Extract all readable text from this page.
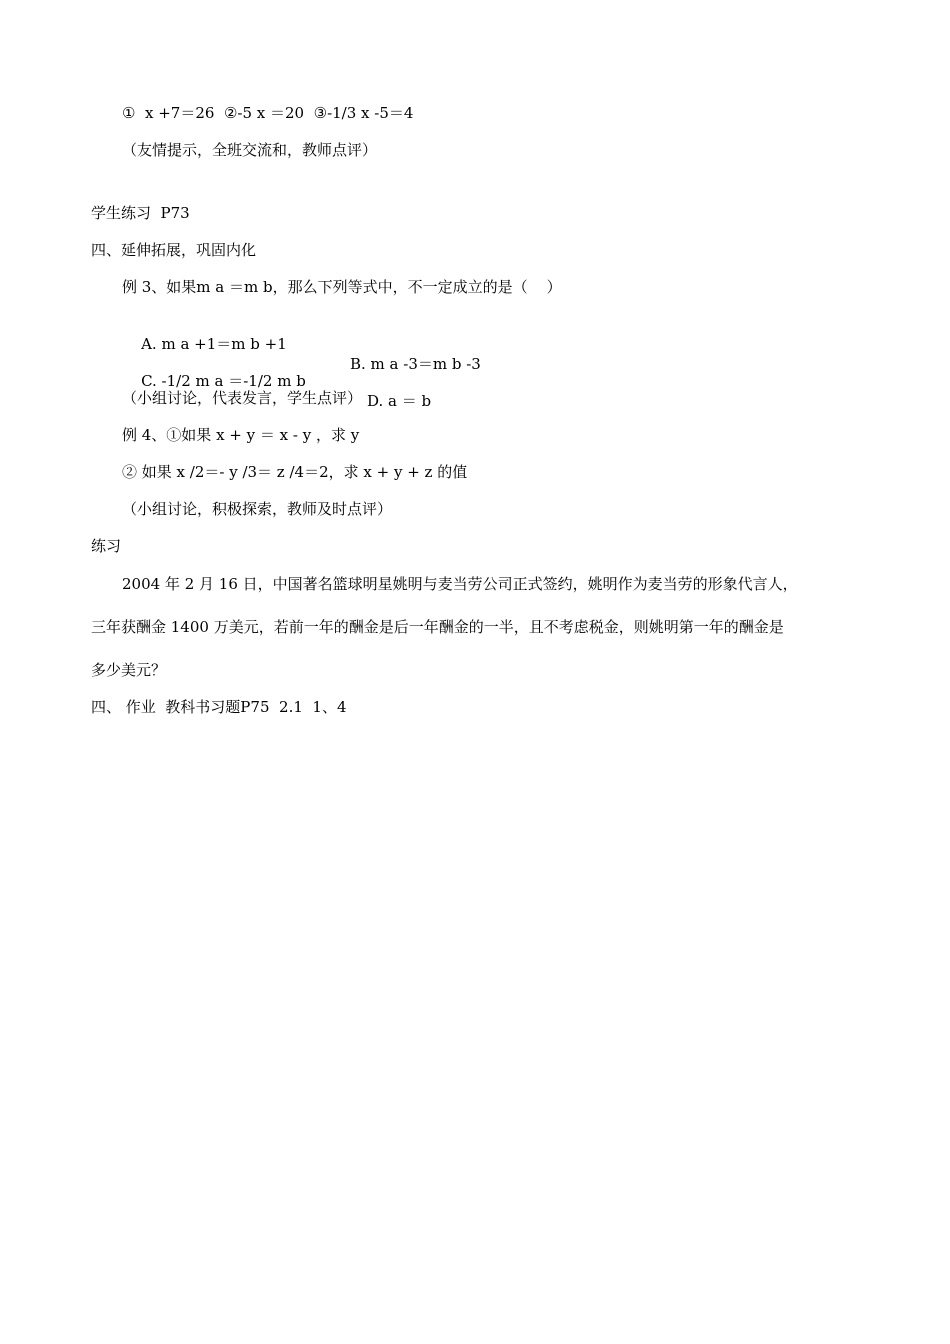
①  x +7＝26  ②-5 x ＝20  ③-1/3 x -5＝4
（友情提示，全班交流和，教师点评）
学生练习  P73
四、延伸拓展，巩固内化
例 3、如果m a ＝m b，那么下列等式中，不一定成立的是（    ）

A. m a +1＝m b +1

B. m a -3＝m b -3

C. -1/2 m a ＝-1/2 m b

D. a ＝ b

（小组讨论，代表发言，学生点评）
例 4、①如果 x + y ＝ x - y ，求 y
② 如果 x /2＝- y /3＝ z /4＝2，求 x + y + z 的值
（小组讨论，积极探索，教师及时点评）
练习
2004 年 2 月 16 日，中国著名篮球明星姚明与麦当劳公司正式签约，姚明作为麦当劳的形象代言人，
三年获酬金 1400 万美元，若前一年的酬金是后一年酬金的一半，且不考虑税金，则姚明第一年的酬金是
多少美元？
四、 作业  教科书习题P75  2.1  1、4
